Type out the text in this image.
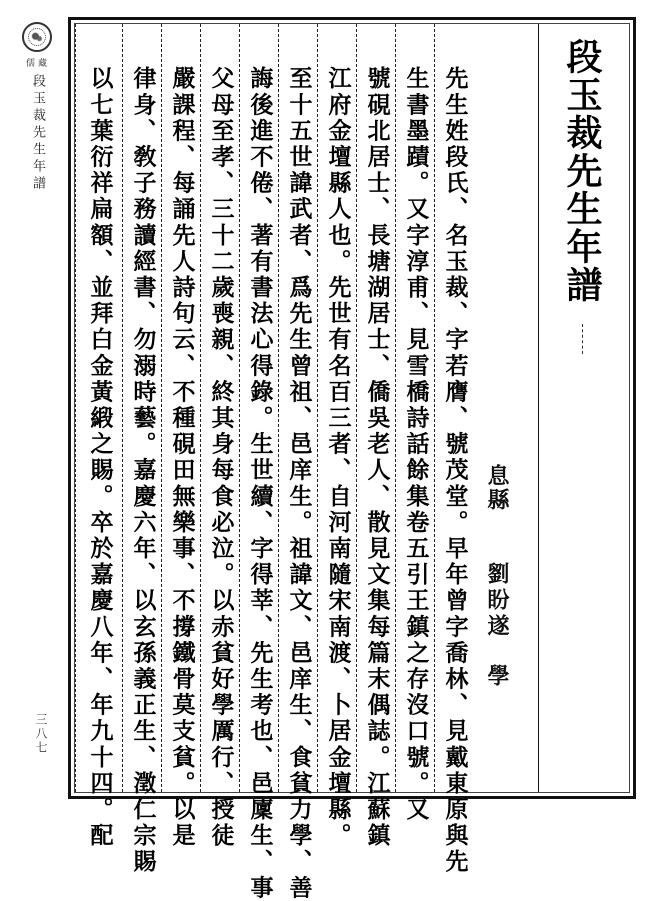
儒藏
段玉裁先生年譜
三八七
段玉裁先生年譜
息縣
劉盼遂
學
先生姓段氏、名玉裁、字若膺、號茂堂。早年曾字喬林、見戴東原與先
生書墨蹟。又字淳甫、見雪橋詩話餘集卷五引王鎮之存沒口號。又
號硯北居士、長塘湖居士、僑吳老人、散見文集每篇末偶誌。江蘇鎮
江府金壇縣人也。先世有名百三者、自河南隨宋南渡、卜居金壇縣。
至十五世諱武者、爲先生曾祖、邑庠生。祖諱文、邑庠生、食貧力學、善
誨後進不倦、著有書法心得錄。生世續、字得莘、先生考也、邑廩生、事
父母至孝、三十二歲喪親、終其身每食必泣。以赤貧好學厲行、授徒
嚴課程、每誦先人詩句云、不種硯田無樂事、不撐鐵骨莫支貧。以是
律身、敎子務讀經書、勿溺時藝。嘉慶六年、以玄孫義正生、澂仁宗賜
以七葉衍祥扁額、並拜白金黃緞之賜。卒於嘉慶八年、年九十四。配
